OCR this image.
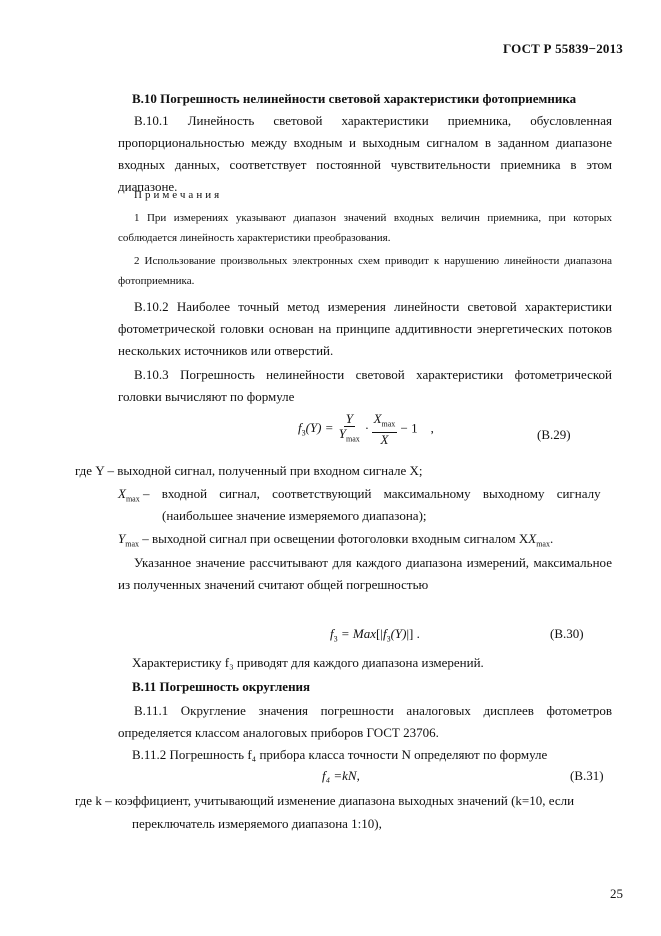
ГОСТ Р 55839−2013

В.10 Погрешность нелинейности световой характеристики фотоприемника

В.10.1 Линейность световой характеристики приемника, обусловленная пропорциональностью между входным и выходным сигналом в заданном диапазоне входных данных, соответствует постоянной чувствительности приемника в этом диапазоне.

Примечания

1 При измерениях указывают диапазон значений входных величин приемника, при которых соблюдается линейность характеристики преобразования.

2 Использование произвольных электронных схем приводит к нарушению линейности диапазона фотоприемника.

В.10.2 Наиболее точный метод измерения линейности световой характеристики фотометрической головки основан на принципе аддитивности энергетических потоков нескольких источников или отверстий.

В.10.3 Погрешность нелинейности световой характеристики фотометрической головки вычисляют по формуле

$f_3(Y) = \frac{Y}{Y_{max}} \cdot \frac{X_{max}}{X} - 1$    ,	(В.29)

где Y – выходной сигнал, полученный при входном сигнале X;

$X_{max}$ – входной сигнал, соответствующий максимальному выходному сигналу

(наибольшее значение измеряемого диапазона);

$Y_{max}$ – выходной сигнал при освещении фотоголовки входным сигналом $XX_{max}$.

Указанное значение рассчитывают для каждого диапазона измерений, максимальное из полученных значений считают общей погрешностью

$f_3 = Max[|f_3(Y)|]$ .	(В.30)

Характеристику f₃ приводят для каждого диапазона измерений.

В.11 Погрешность округления

В.11.1 Округление значения погрешности аналоговых дисплеев фотометров определяется классом аналоговых приборов ГОСТ 23706.

В.11.2 Погрешность f₄ прибора класса точности N определяют по формуле

f₄ =kN,	(В.31)

где k – коэффициент, учитывающий изменение диапазона выходных значений (k=10, если

переключатель измеряемого диапазона 1:10),

25
